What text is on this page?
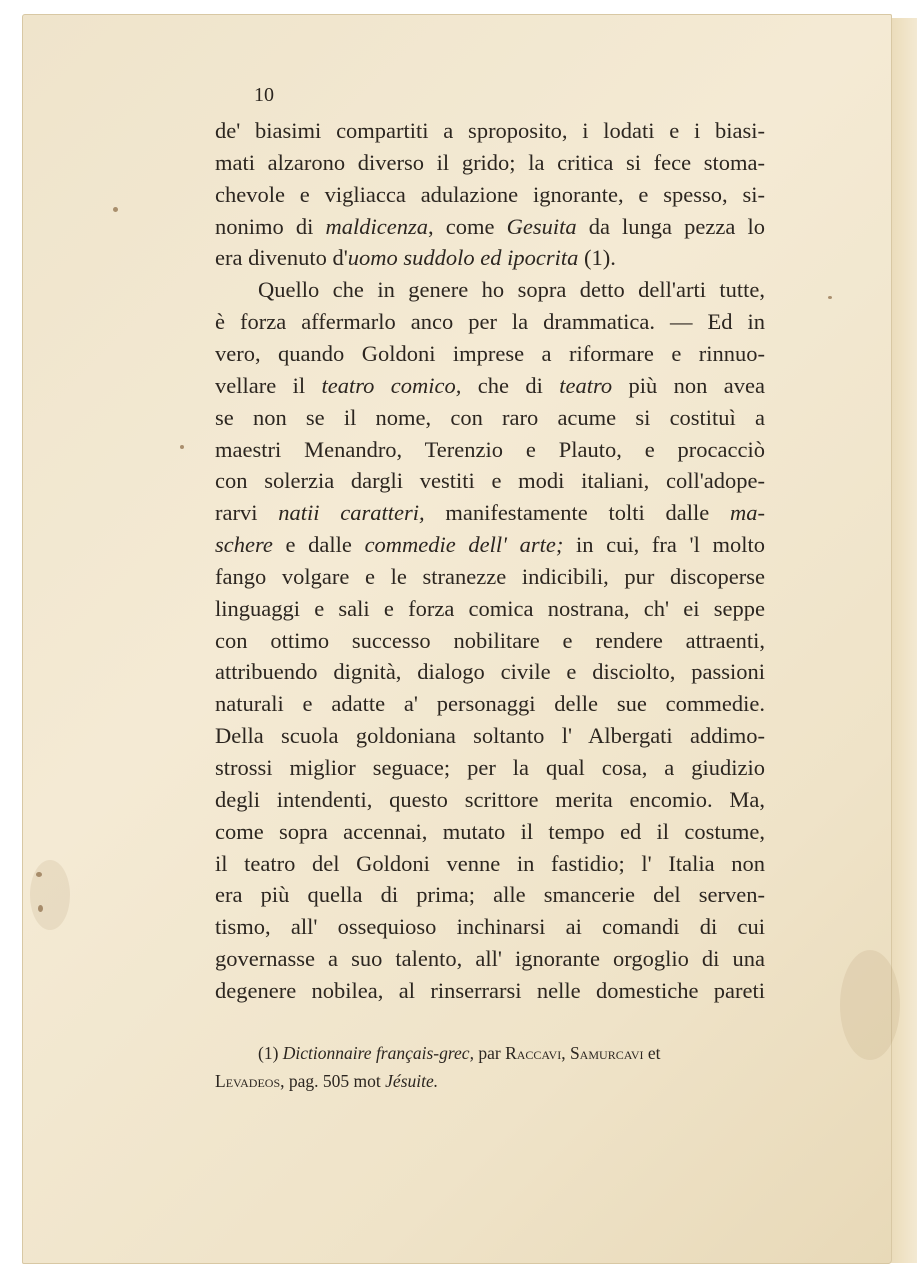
10
de' biasimi compartiti a sproposito, i lodati e i biasi-
mati alzarono diverso il grido; la critica si fece stoma-
chevole e vigliacca adulazione ignorante, e spesso, si-
nonimo di maldicenza, come Gesuita da lunga pezza lo
era divenuto d'uomo suddolo ed ipocrita (1).
Quello che in genere ho sopra detto dell'arti tutte,
è forza affermarlo anco per la drammatica. — Ed in
vero, quando Goldoni imprese a riformare e rinnuo-
vellare il teatro comico, che di teatro più non avea
se non se il nome, con raro acume si costituì a
maestri Menandro, Terenzio e Plauto, e procacciò
con solerzia dargli vestiti e modi italiani, coll'adope-
rarvi natii caratteri, manifestamente tolti dalle ma-
schere e dalle commedie dell' arte; in cui, fra 'l molto
fango volgare e le stranezze indicibili, pur discoperse
linguaggi e sali e forza comica nostrana, ch' ei seppe
con ottimo successo nobilitare e rendere attraenti,
attribuendo dignità, dialogo civile e disciolto, passioni
naturali e adatte a' personaggi delle sue commedie.
Della scuola goldoniana soltanto l' Albergati addimo-
strossi miglior seguace; per la qual cosa, a giudizio
degli intendenti, questo scrittore merita encomio. Ma,
come sopra accennai, mutato il tempo ed il costume,
il teatro del Goldoni venne in fastidio; l' Italia non
era più quella di prima; alle smancerie del serven-
tismo, all' ossequioso inchinarsi ai comandi di cui
governasse a suo talento, all' ignorante orgoglio di una
degenere nobilea, al rinserrarsi nelle domestiche pareti
(1) Dictionnaire français-grec, par Raccavi, Samurcavi et
Levadeos, pag. 505 mot Jésuite.
